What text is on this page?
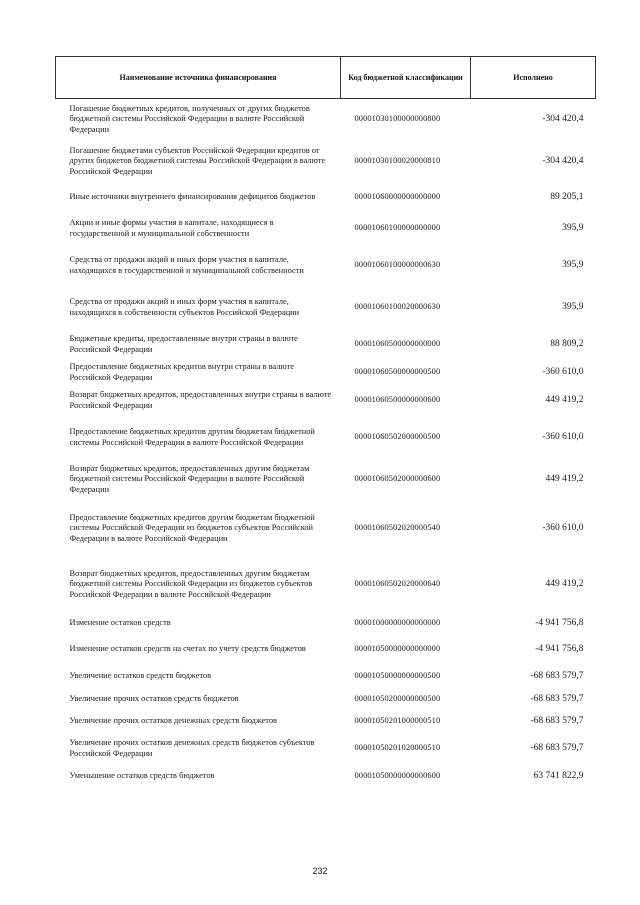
Наименование источника финансирования	Код бюджетной классификации	Исполнено
Погашение бюджетных кредитов, полученных от других бюджетов бюджетной системы Российской Федерации в валюте Российской Федерации	00001030100000000800	-304 420,4
Погашение бюджетами субъектов Российской Федерации кредитов от других бюджетов бюджетной системы Российской Федерации в валюте Российской Федерации	00001030100020000810	-304 420,4
Иные источники внутреннего финансирования дефицитов бюджетов	00001060000000000000	89 205,1
Акции и иные формы участия в капитале, находящиеся в государственной и муниципальной собственности	00001060100000000000	395,9
Средства от продажи акций и иных форм участия в капитале, находящихся в государственной и муниципальной собственности	00001060100000000630	395,9
Средства от продажи акций и иных форм участия в капитале, находящихся в собственности субъектов Российской Федерации	00001060100020000630	395,9
Бюджетные кредиты, предоставленные внутри страны в валюте Российской Федерации	00001060500000000000	88 809,2
Предоставление бюджетных кредитов внутри страны в валюте Российской Федерации	00001060500000000500	-360 610,0
Возврат бюджетных кредитов, предоставленных внутри страны в валюте Российской Федерации	00001060500000000600	449 419,2
Предоставление бюджетных кредитов другим бюджетам бюджетной системы Российской Федерации в валюте Российской Федерации	00001060502000000500	-360 610,0
Возврат бюджетных кредитов, предоставленных другим бюджетам бюджетной системы Российской Федерации в валюте Российской Федерации	00001060502000000600	449 419,2
Предоставление бюджетных кредитов другим бюджетам бюджетной системы Российской Федерации из бюджетов субъектов Российской Федерации в валюте Российской Федерации	00001060502020000540	-360 610,0
Возврат бюджетных кредитов, предоставленных другим бюджетам бюджетной системы Российской Федерации из бюджетов субъектов Российской Федерации в валюте Российской Федерации	00001060502020000640	449 419,2
Изменение остатков средств	00001000000000000000	-4 941 756,8
Изменение остатков средств на счетах по учету средств бюджетов	00001050000000000000	-4 941 756,8
Увеличение остатков средств бюджетов	00001050000000000500	-68 683 579,7
Увеличение прочих остатков средств бюджетов	00001050200000000500	-68 683 579,7
Увеличение прочих остатков денежных средств бюджетов	00001050201000000510	-68 683 579,7
Увеличение прочих остатков денежных средств бюджетов субъектов Российской Федерации	00001050201020000510	-68 683 579,7
Уменьшение остатков средств бюджетов	00001050000000000600	63 741 822,9
232
